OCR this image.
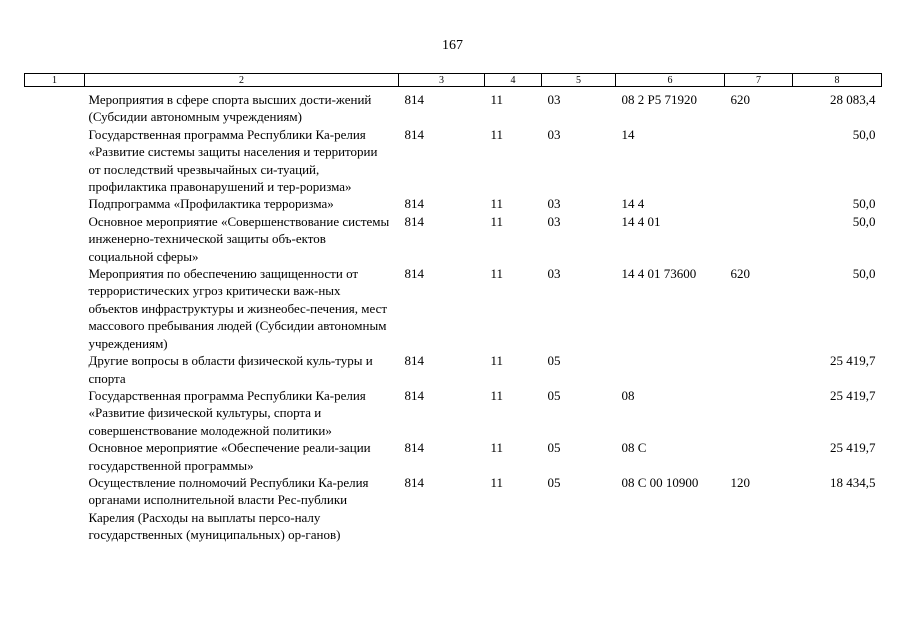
167
1	2	3	4	5	6	7	8
	Мероприятия в сфере спорта высших дости-жений (Субсидии автономным учреждениям)	814	11	03	08 2 P5 71920	620	28 083,4
	Государственная программа Республики Ка-релия «Развитие системы защиты населения и территории от последствий чрезвычайных си-туаций, профилактика правонарушений и тер-роризма»	814	11	03	14		50,0
	Подпрограмма «Профилактика терроризма»	814	11	03	14 4		50,0
	Основное мероприятие «Совершенствование системы инженерно-технической защиты объ-ектов социальной сферы»	814	11	03	14 4 01		50,0
	Мероприятия по обеспечению защищенности от террористических угроз критически важ-ных объектов инфраструктуры и жизнеобес-печения, мест массового пребывания людей (Субсидии автономным учреждениям)	814	11	03	14 4 01 73600	620	50,0
	Другие вопросы в области физической куль-туры и спорта	814	11	05			25 419,7
	Государственная программа Республики Ка-релия «Развитие физической культуры, спорта и совершенствование молодежной политики»	814	11	05	08		25 419,7
	Основное мероприятие «Обеспечение реали-зации государственной программы»	814	11	05	08 С		25 419,7
	Осуществление полномочий Республики Ка-релия органами исполнительной власти Рес-публики Карелия (Расходы на выплаты персо-налу государственных (муниципальных) ор-ганов)	814	11	05	08 С 00 10900	120	18 434,5
